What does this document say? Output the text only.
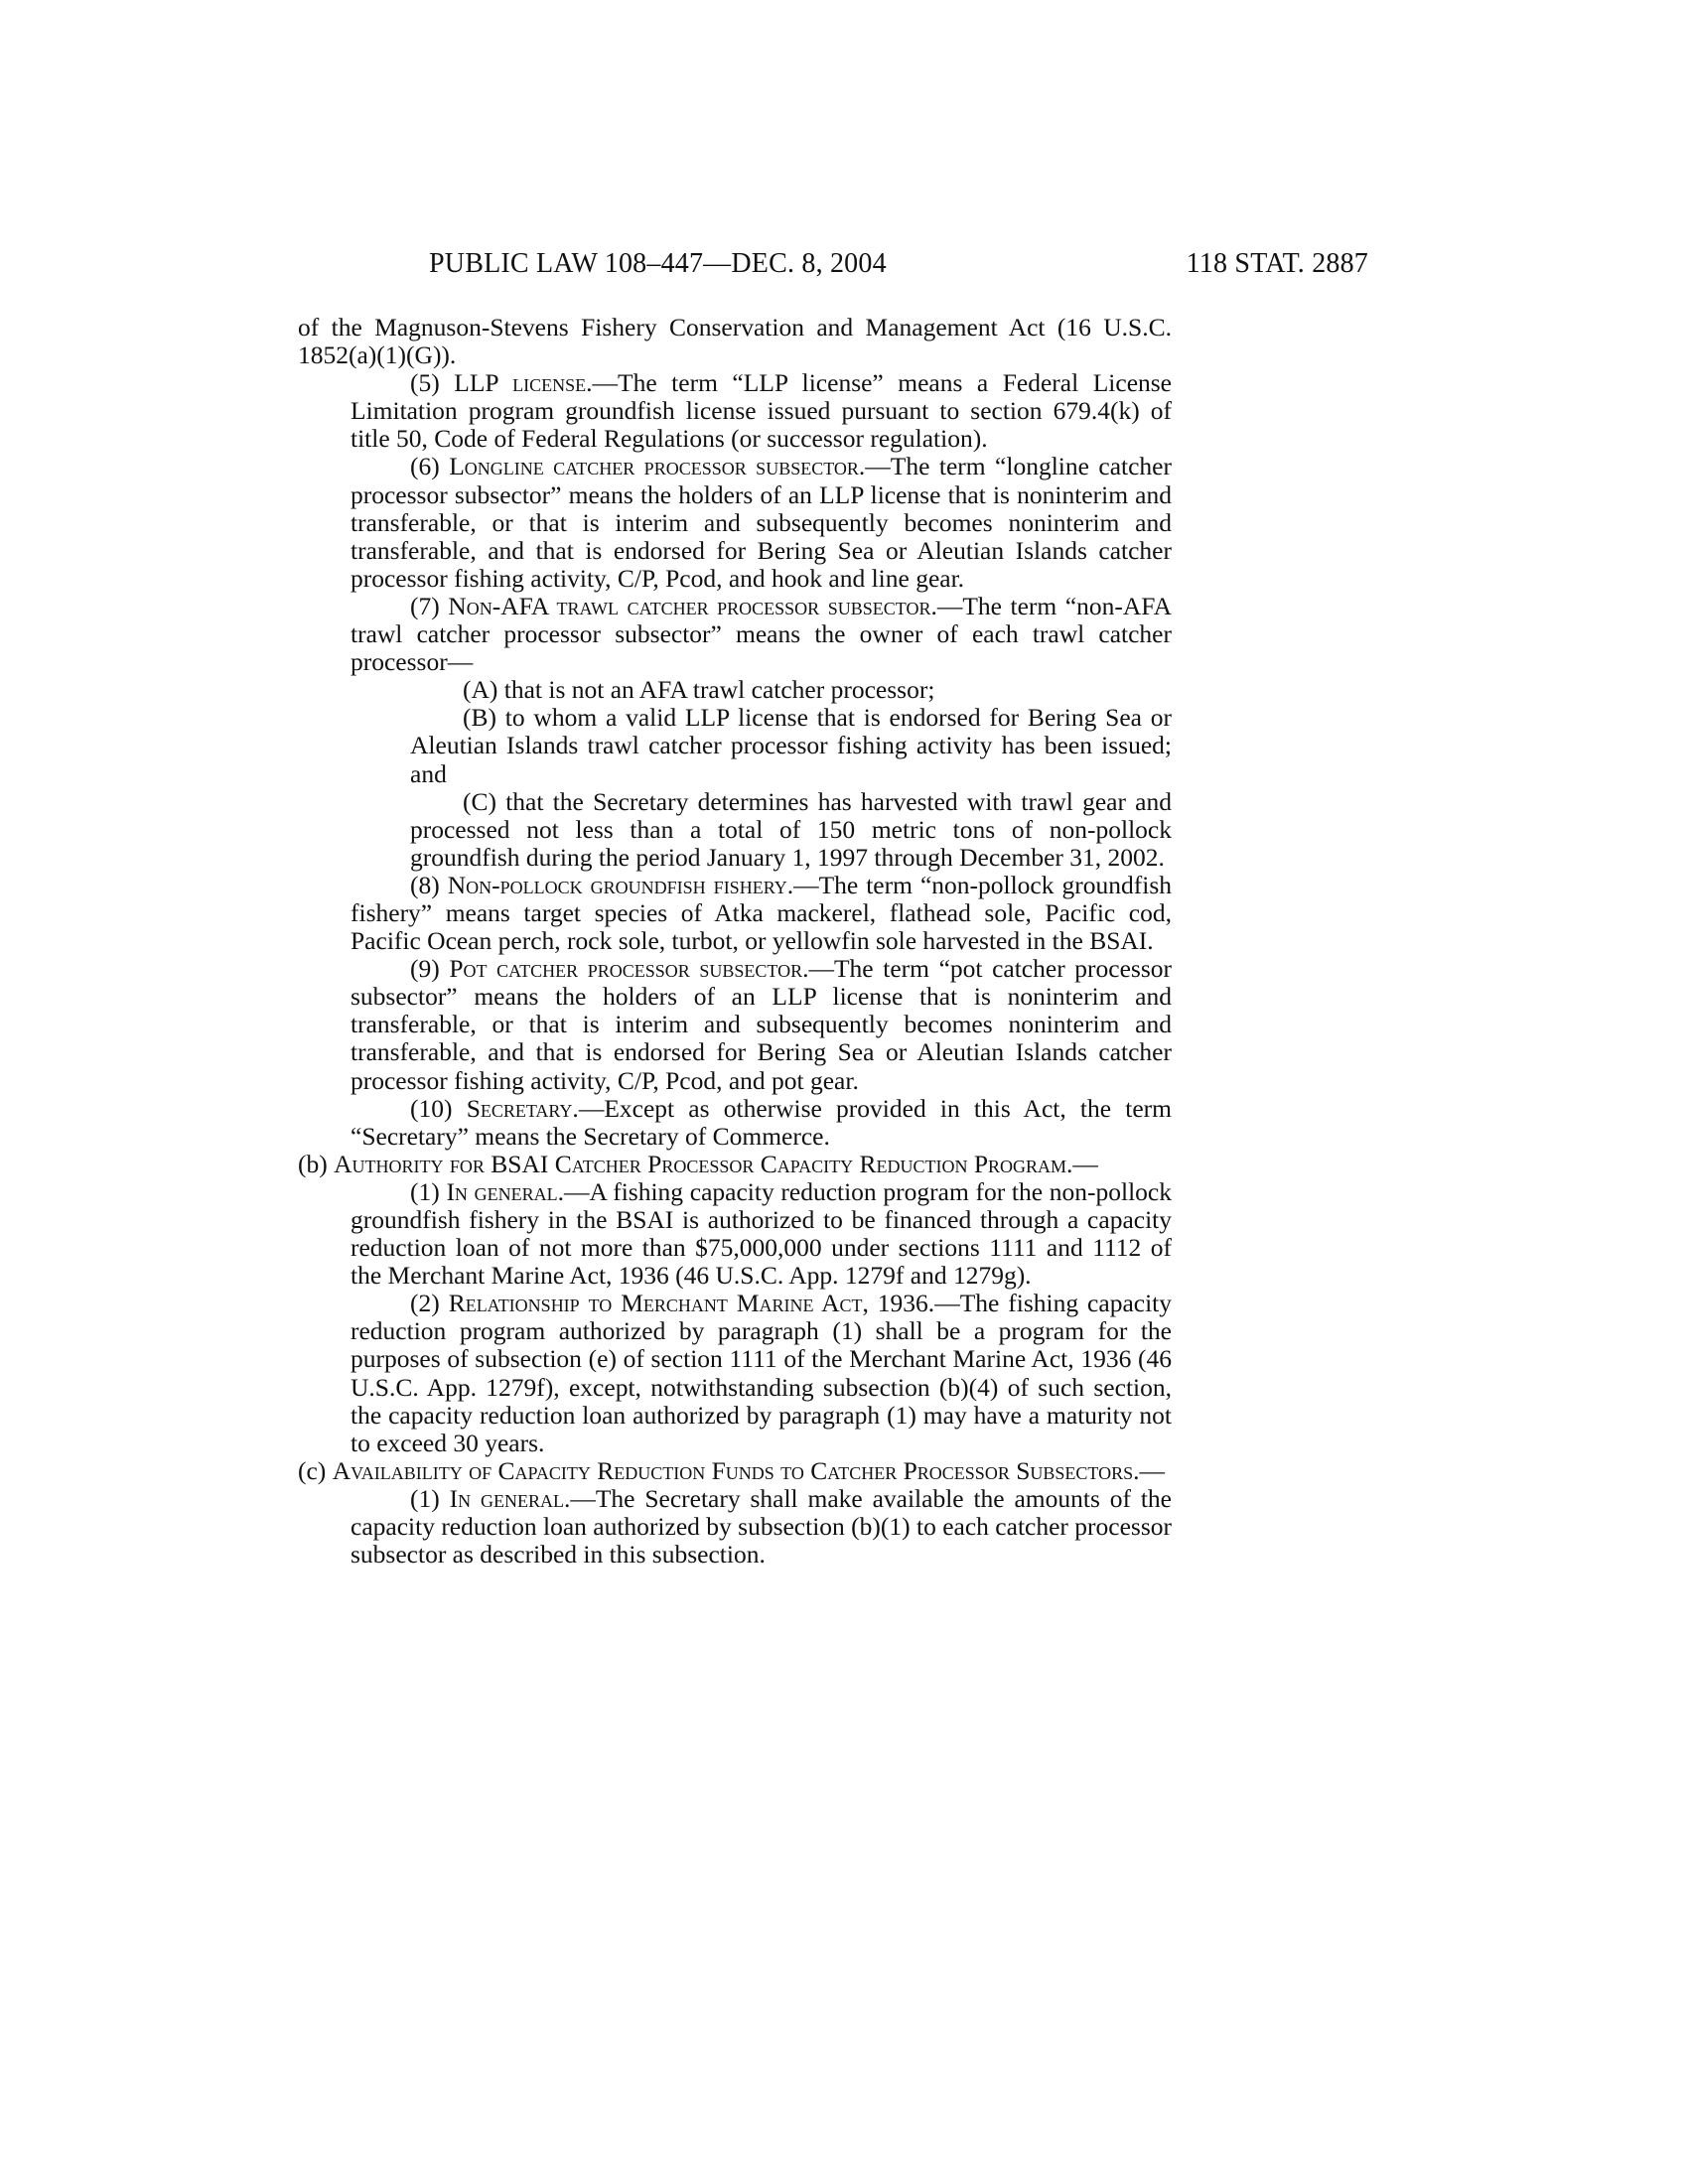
PUBLIC LAW 108–447—DEC. 8, 2004	118 STAT. 2887

of the Magnuson-Stevens Fishery Conservation and Management Act (16 U.S.C. 1852(a)(1)(G)).

(5) LLP license.—The term “LLP license” means a Federal License Limitation program groundfish license issued pursuant to section 679.4(k) of title 50, Code of Federal Regulations (or successor regulation).

(6) Longline catcher processor subsector.—The term “longline catcher processor subsector” means the holders of an LLP license that is noninterim and transferable, or that is interim and subsequently becomes noninterim and transferable, and that is endorsed for Bering Sea or Aleutian Islands catcher processor fishing activity, C/P, Pcod, and hook and line gear.

(7) Non-AFA trawl catcher processor subsector.—The term “non-AFA trawl catcher processor subsector” means the owner of each trawl catcher processor—

(A) that is not an AFA trawl catcher processor;

(B) to whom a valid LLP license that is endorsed for Bering Sea or Aleutian Islands trawl catcher processor fishing activity has been issued; and

(C) that the Secretary determines has harvested with trawl gear and processed not less than a total of 150 metric tons of non-pollock groundfish during the period January 1, 1997 through December 31, 2002.

(8) Non-pollock groundfish fishery.—The term “non-pollock groundfish fishery” means target species of Atka mackerel, flathead sole, Pacific cod, Pacific Ocean perch, rock sole, turbot, or yellowfin sole harvested in the BSAI.

(9) Pot catcher processor subsector.—The term “pot catcher processor subsector” means the holders of an LLP license that is noninterim and transferable, or that is interim and subsequently becomes noninterim and transferable, and that is endorsed for Bering Sea or Aleutian Islands catcher processor fishing activity, C/P, Pcod, and pot gear.

(10) Secretary.—Except as otherwise provided in this Act, the term “Secretary” means the Secretary of Commerce.

(b) Authority for BSAI Catcher Processor Capacity Reduction Program.—

(1) In general.—A fishing capacity reduction program for the non-pollock groundfish fishery in the BSAI is authorized to be financed through a capacity reduction loan of not more than $75,000,000 under sections 1111 and 1112 of the Merchant Marine Act, 1936 (46 U.S.C. App. 1279f and 1279g).

(2) Relationship to Merchant Marine Act, 1936.—The fishing capacity reduction program authorized by paragraph (1) shall be a program for the purposes of subsection (e) of section 1111 of the Merchant Marine Act, 1936 (46 U.S.C. App. 1279f), except, notwithstanding subsection (b)(4) of such section, the capacity reduction loan authorized by paragraph (1) may have a maturity not to exceed 30 years.

(c) Availability of Capacity Reduction Funds to Catcher Processor Subsectors.—

(1) In general.—The Secretary shall make available the amounts of the capacity reduction loan authorized by subsection (b)(1) to each catcher processor subsector as described in this subsection.
